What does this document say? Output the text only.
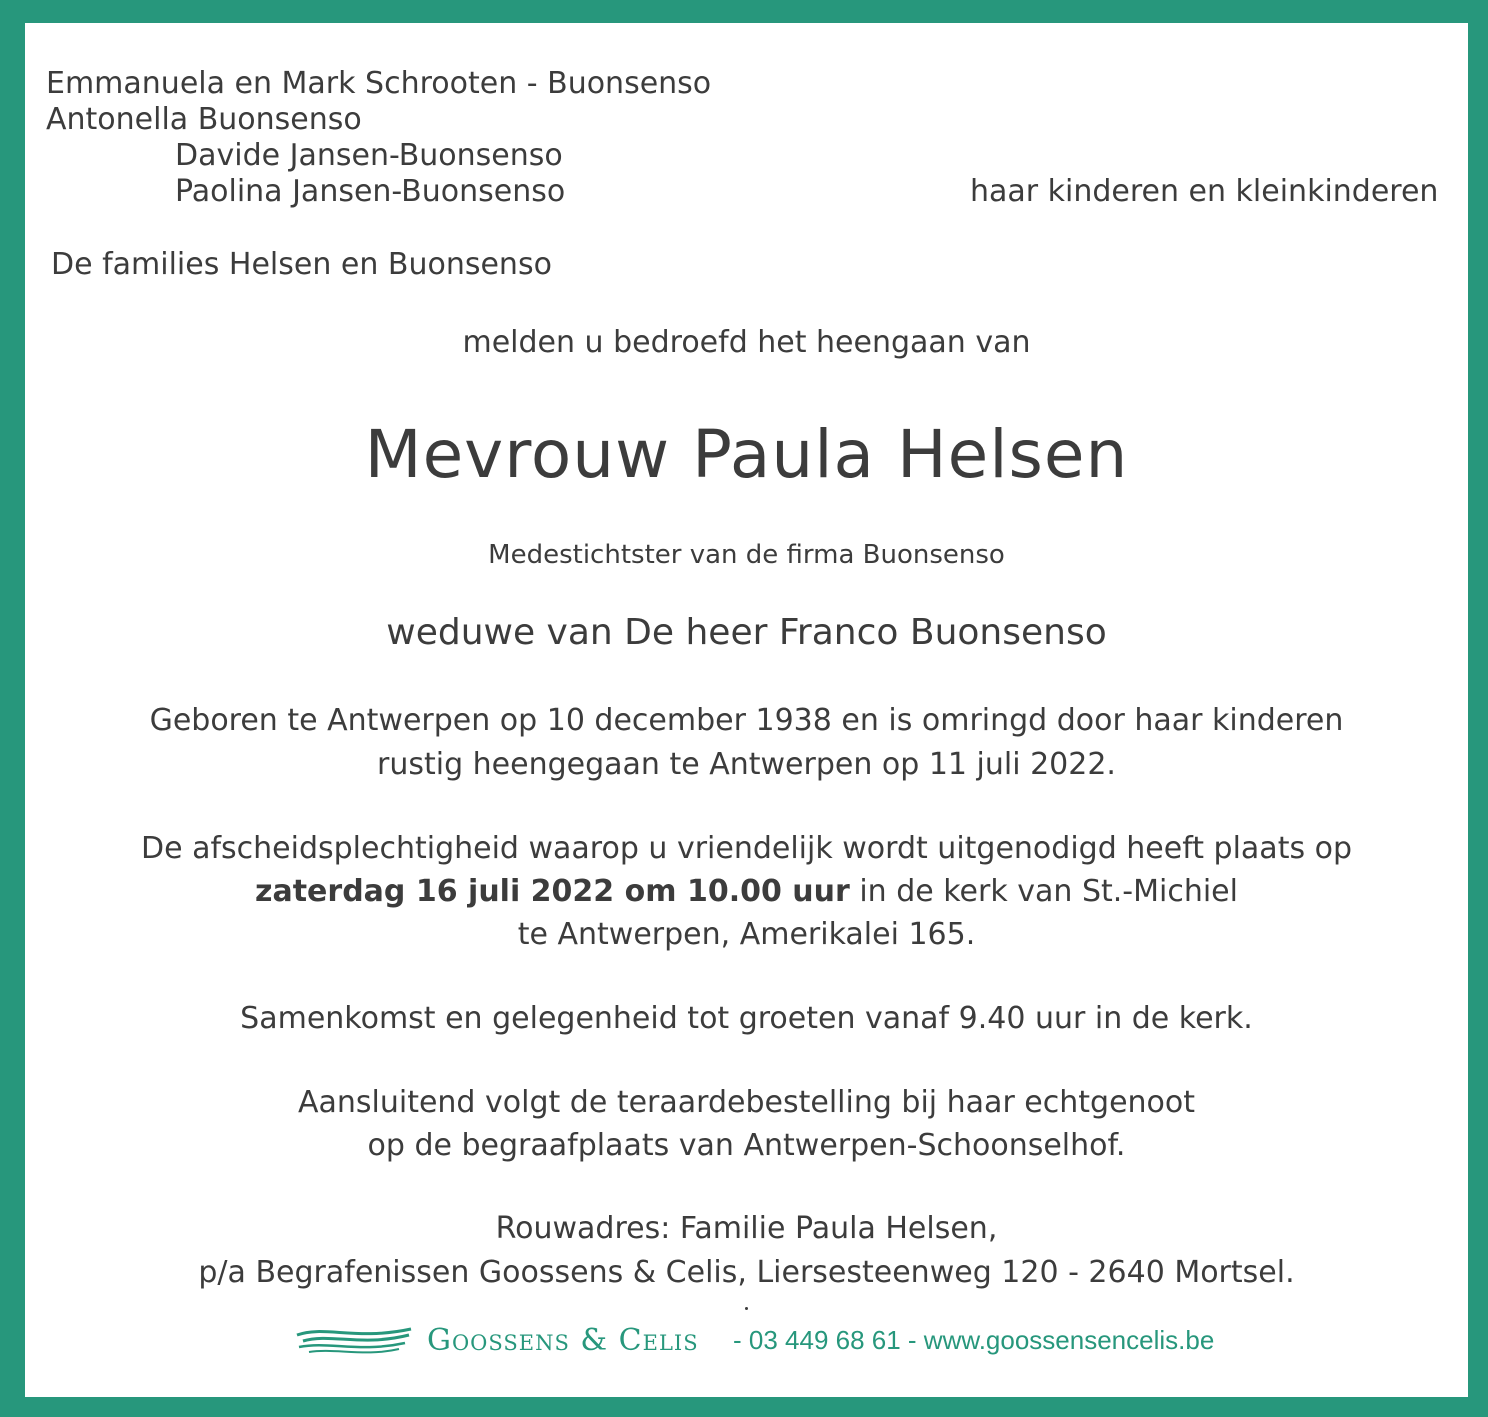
Emmanuela en Mark Schrooten - Buonsenso

Antonella Buonsenso

Davide Jansen-Buonsenso

Paolina Jansen-Buonsenso	haar kinderen en kleinkinderen

De families Helsen en Buonsenso

melden u bedroefd het heengaan van

Mevrouw Paula Helsen

Medestichtster van de firma Buonsenso

weduwe van De heer Franco Buonsenso

Geboren te Antwerpen op 10 december 1938 en is omringd door haar kinderen

rustig heengegaan te Antwerpen op 11 juli 2022.

De afscheidsplechtigheid waarop u vriendelijk wordt uitgenodigd heeft plaats op

zaterdag 16 juli 2022 om 10.00 uur in de kerk van St.-Michiel

te Antwerpen, Amerikalei 165.

Samenkomst en gelegenheid tot groeten vanaf 9.40 uur in de kerk.

Aansluitend volgt de teraardebestelling bij haar echtgenoot

op de begraafplaats van Antwerpen-Schoonselhof.

Rouwadres: Familie Paula Helsen,

p/a Begrafenissen Goossens & Celis, Liersesteenweg 120 - 2640 Mortsel.

Goossens & Celis - 03 449 68 61 - www.goossensencelis.be
